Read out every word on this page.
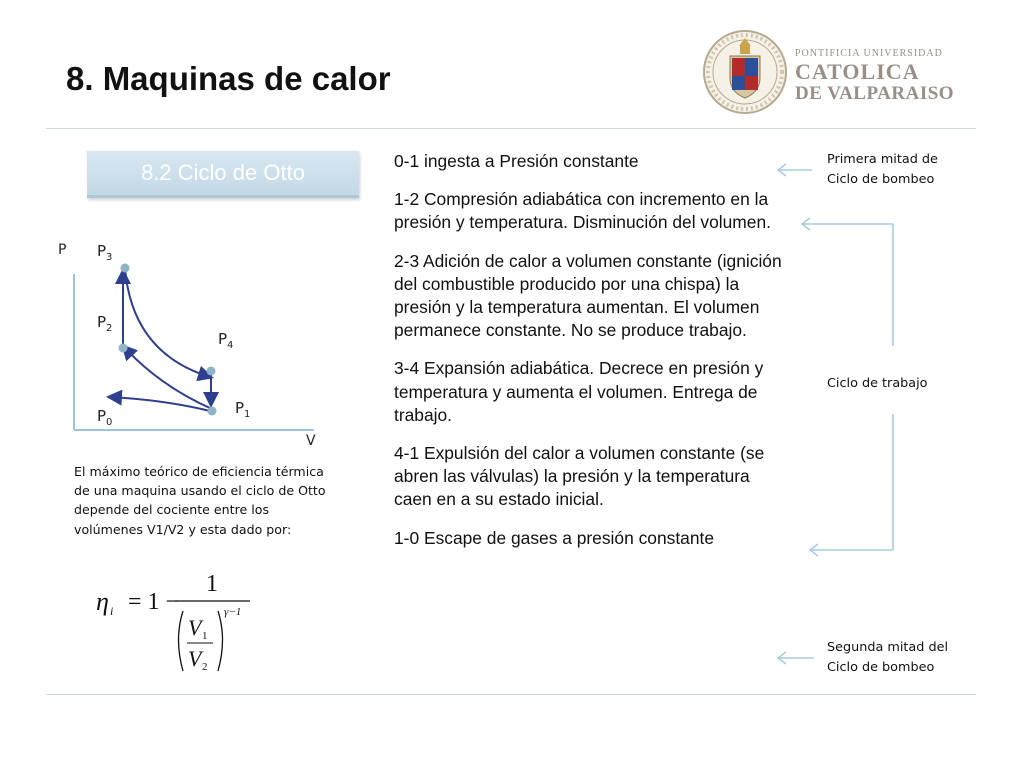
8. Maquinas de calor
PONTIFICIA UNIVERSIDAD
CATOLICA
DE VALPARAISO
8.2 Ciclo de Otto
P
V
$P_3$
$P_2$
$P_4$
$P_1$
$P_0$

El máximo teórico de eficiencia térmica de una maquina usando el ciclo de Otto depende del cociente entre los volúmenes V1/V2 y esta dado por:

η i = 1 −
1
V 1
V 2
γ−1

0-1 ingesta a Presión constante

1-2 Compresión adiabática con incremento en la presión y temperatura. Disminución del volumen.

2-3 Adición de calor a volumen constante (ignición del combustible producido por una chispa) la presión y la temperatura aumentan. El volumen permanece constante. No se produce trabajo.

3-4 Expansión adiabática. Decrece en presión y temperatura y aumenta el volumen. Entrega de trabajo.

4-1 Expulsión del calor a volumen constante (se abren las válvulas) la presión y la temperatura caen en a su estado inicial.

1-0 Escape de gases a presión constante

Primera mitad de
Ciclo de bombeo
Ciclo de trabajo
Segunda mitad del
Ciclo de bombeo
